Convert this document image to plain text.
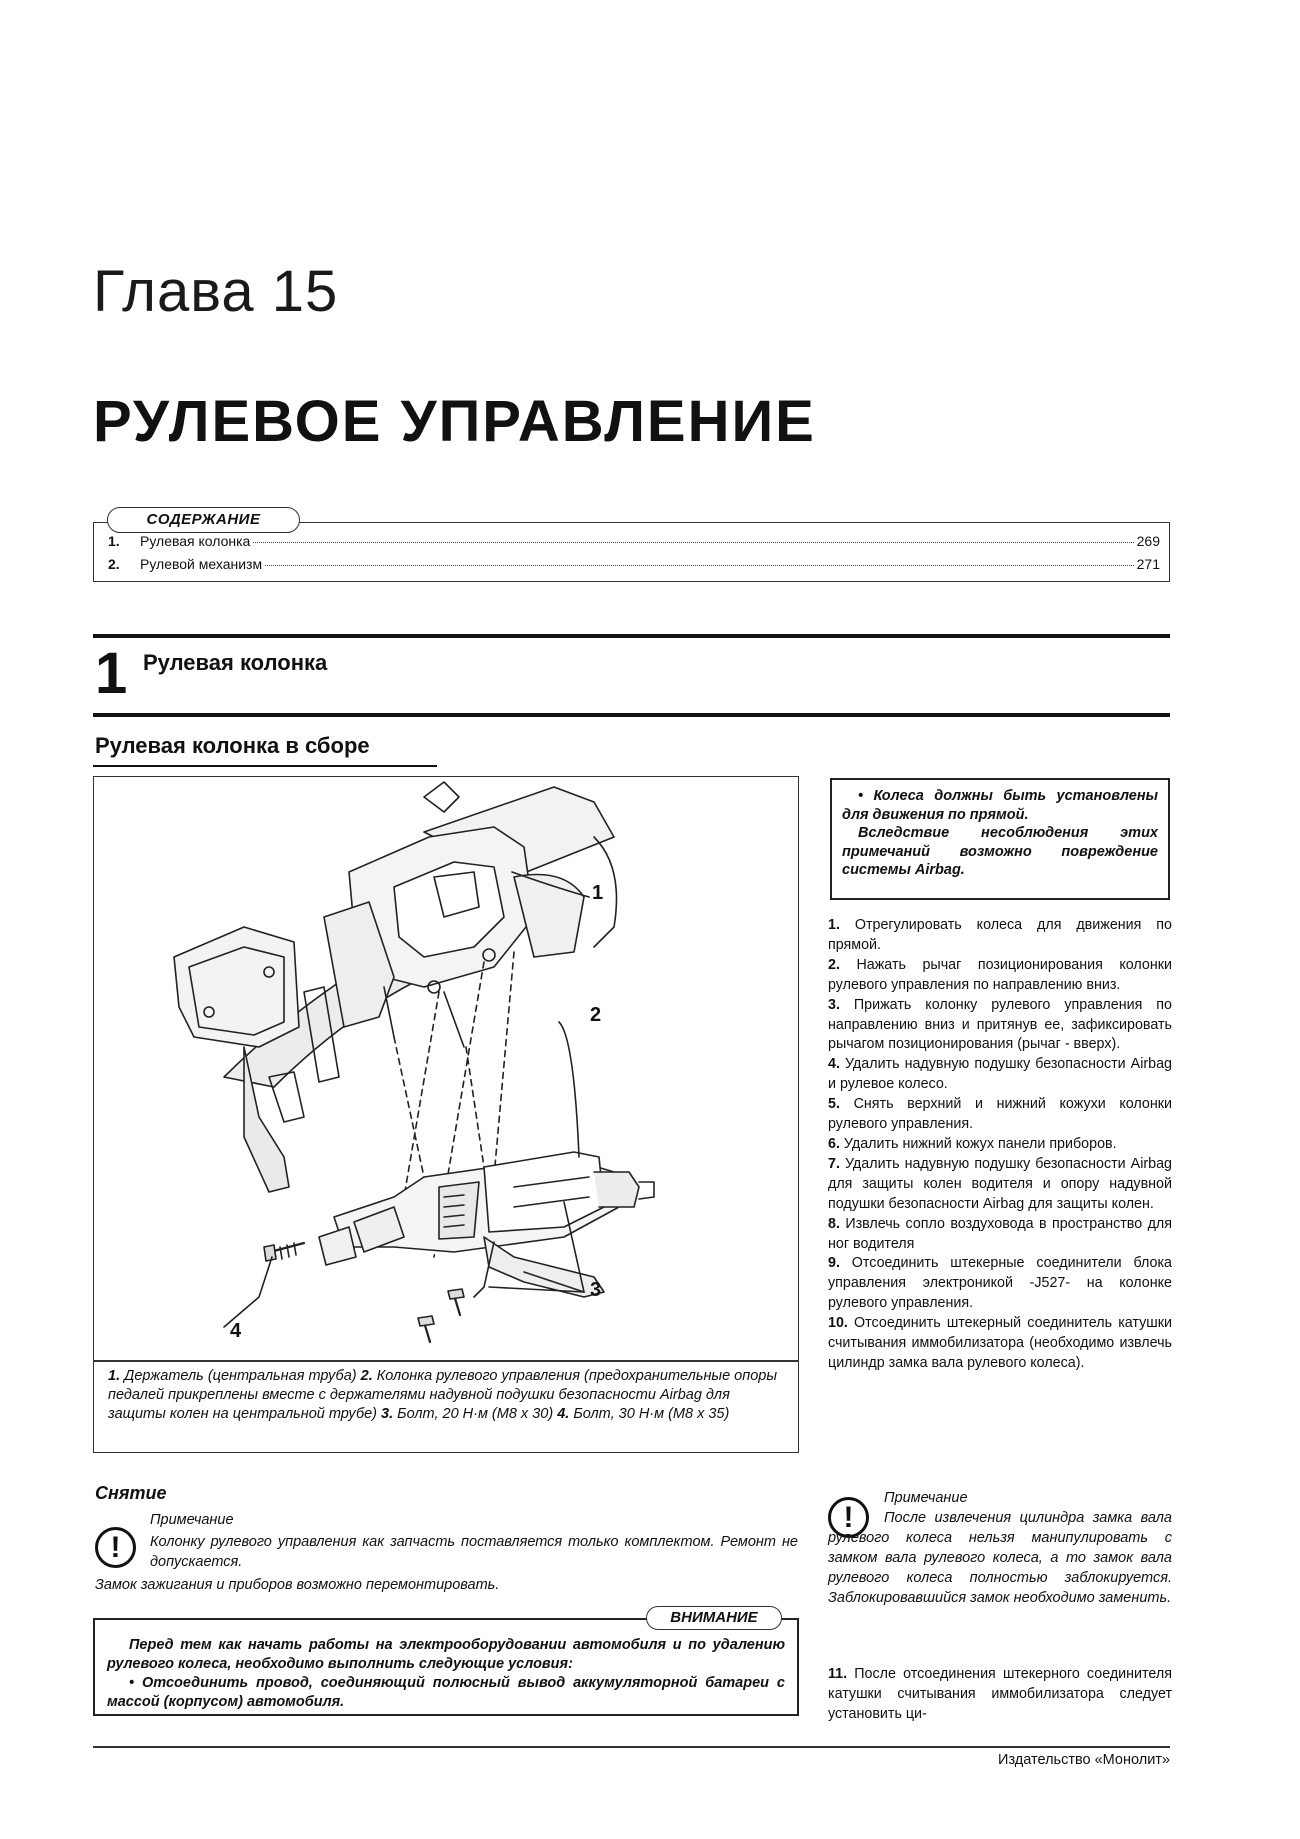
Глава 15
РУЛЕВОЕ УПРАВЛЕНИЕ
СОДЕРЖАНИЕ
1.	Рулевая колонка	269
2.	Рулевой механизм	271
1 Рулевая колонка
Рулевая колонка в сборе
1
2
3
4
1. Держатель (центральная труба) 2. Колонка рулевого управления (предохранительные опоры педалей прикреплены вместе с держателями надувной подушки безопасности Airbag для защиты колен на центральной трубе) 3. Болт, 20 Н·м (M8 x 30) 4. Болт, 30 Н·м (M8 x 35)
• Колеса должны быть установлены для движения по прямой.
Вследствие несоблюдения этих примечаний возможно повреждение системы Airbag.

1. Отрегулировать колеса для движения по прямой.

2. Нажать рычаг позиционирования колонки рулевого управления по направлению вниз.

3. Прижать колонку рулевого управления по направлению вниз и притянув ее, зафиксировать рычагом позиционирования (рычаг - вверх).

4. Удалить надувную подушку безопасности Airbag и рулевое колесо.

5. Снять верхний и нижний кожухи колонки рулевого управления.

6. Удалить нижний кожух панели приборов.

7. Удалить надувную подушку безопасности Airbag для защиты колен водителя и опору надувной подушки безопасности Airbag для защиты колен.

8. Извлечь сопло воздуховода в пространство для ног водителя

9. Отсоединить штекерные соединители блока управления электроникой -J527- на колонке рулевого управления.

10. Отсоединить штекерный соединитель катушки считывания иммобилизатора (необходимо извлечь цилиндр замка вала рулевого колеса).

!
Примечание
После извлечения цилиндра замка вала рулевого колеса нельзя манипулировать с замком вала рулевого колеса, а то замок вала рулевого колеса полностью заблокируется. Заблокировавшийся замок необходимо заменить.
11. После отсоединения штекерного соединителя катушки считывания иммобилизатора следует установить ци-
Снятие
!
Примечание
Колонку рулевого управления как запчасть поставляется только комплектом. Ремонт не допускается.
Замок зажигания и приборов возможно перемонтировать.
Перед тем как начать работы на электрооборудовании автомобиля и по удалению рулевого колеса, необходимо выполнить следующие условия:
• Отсоединить провод, соединяющий полюсный вывод аккумуляторной батареи с массой (корпусом) автомобиля.
ВНИМАНИЕ
Издательство «Монолит»
